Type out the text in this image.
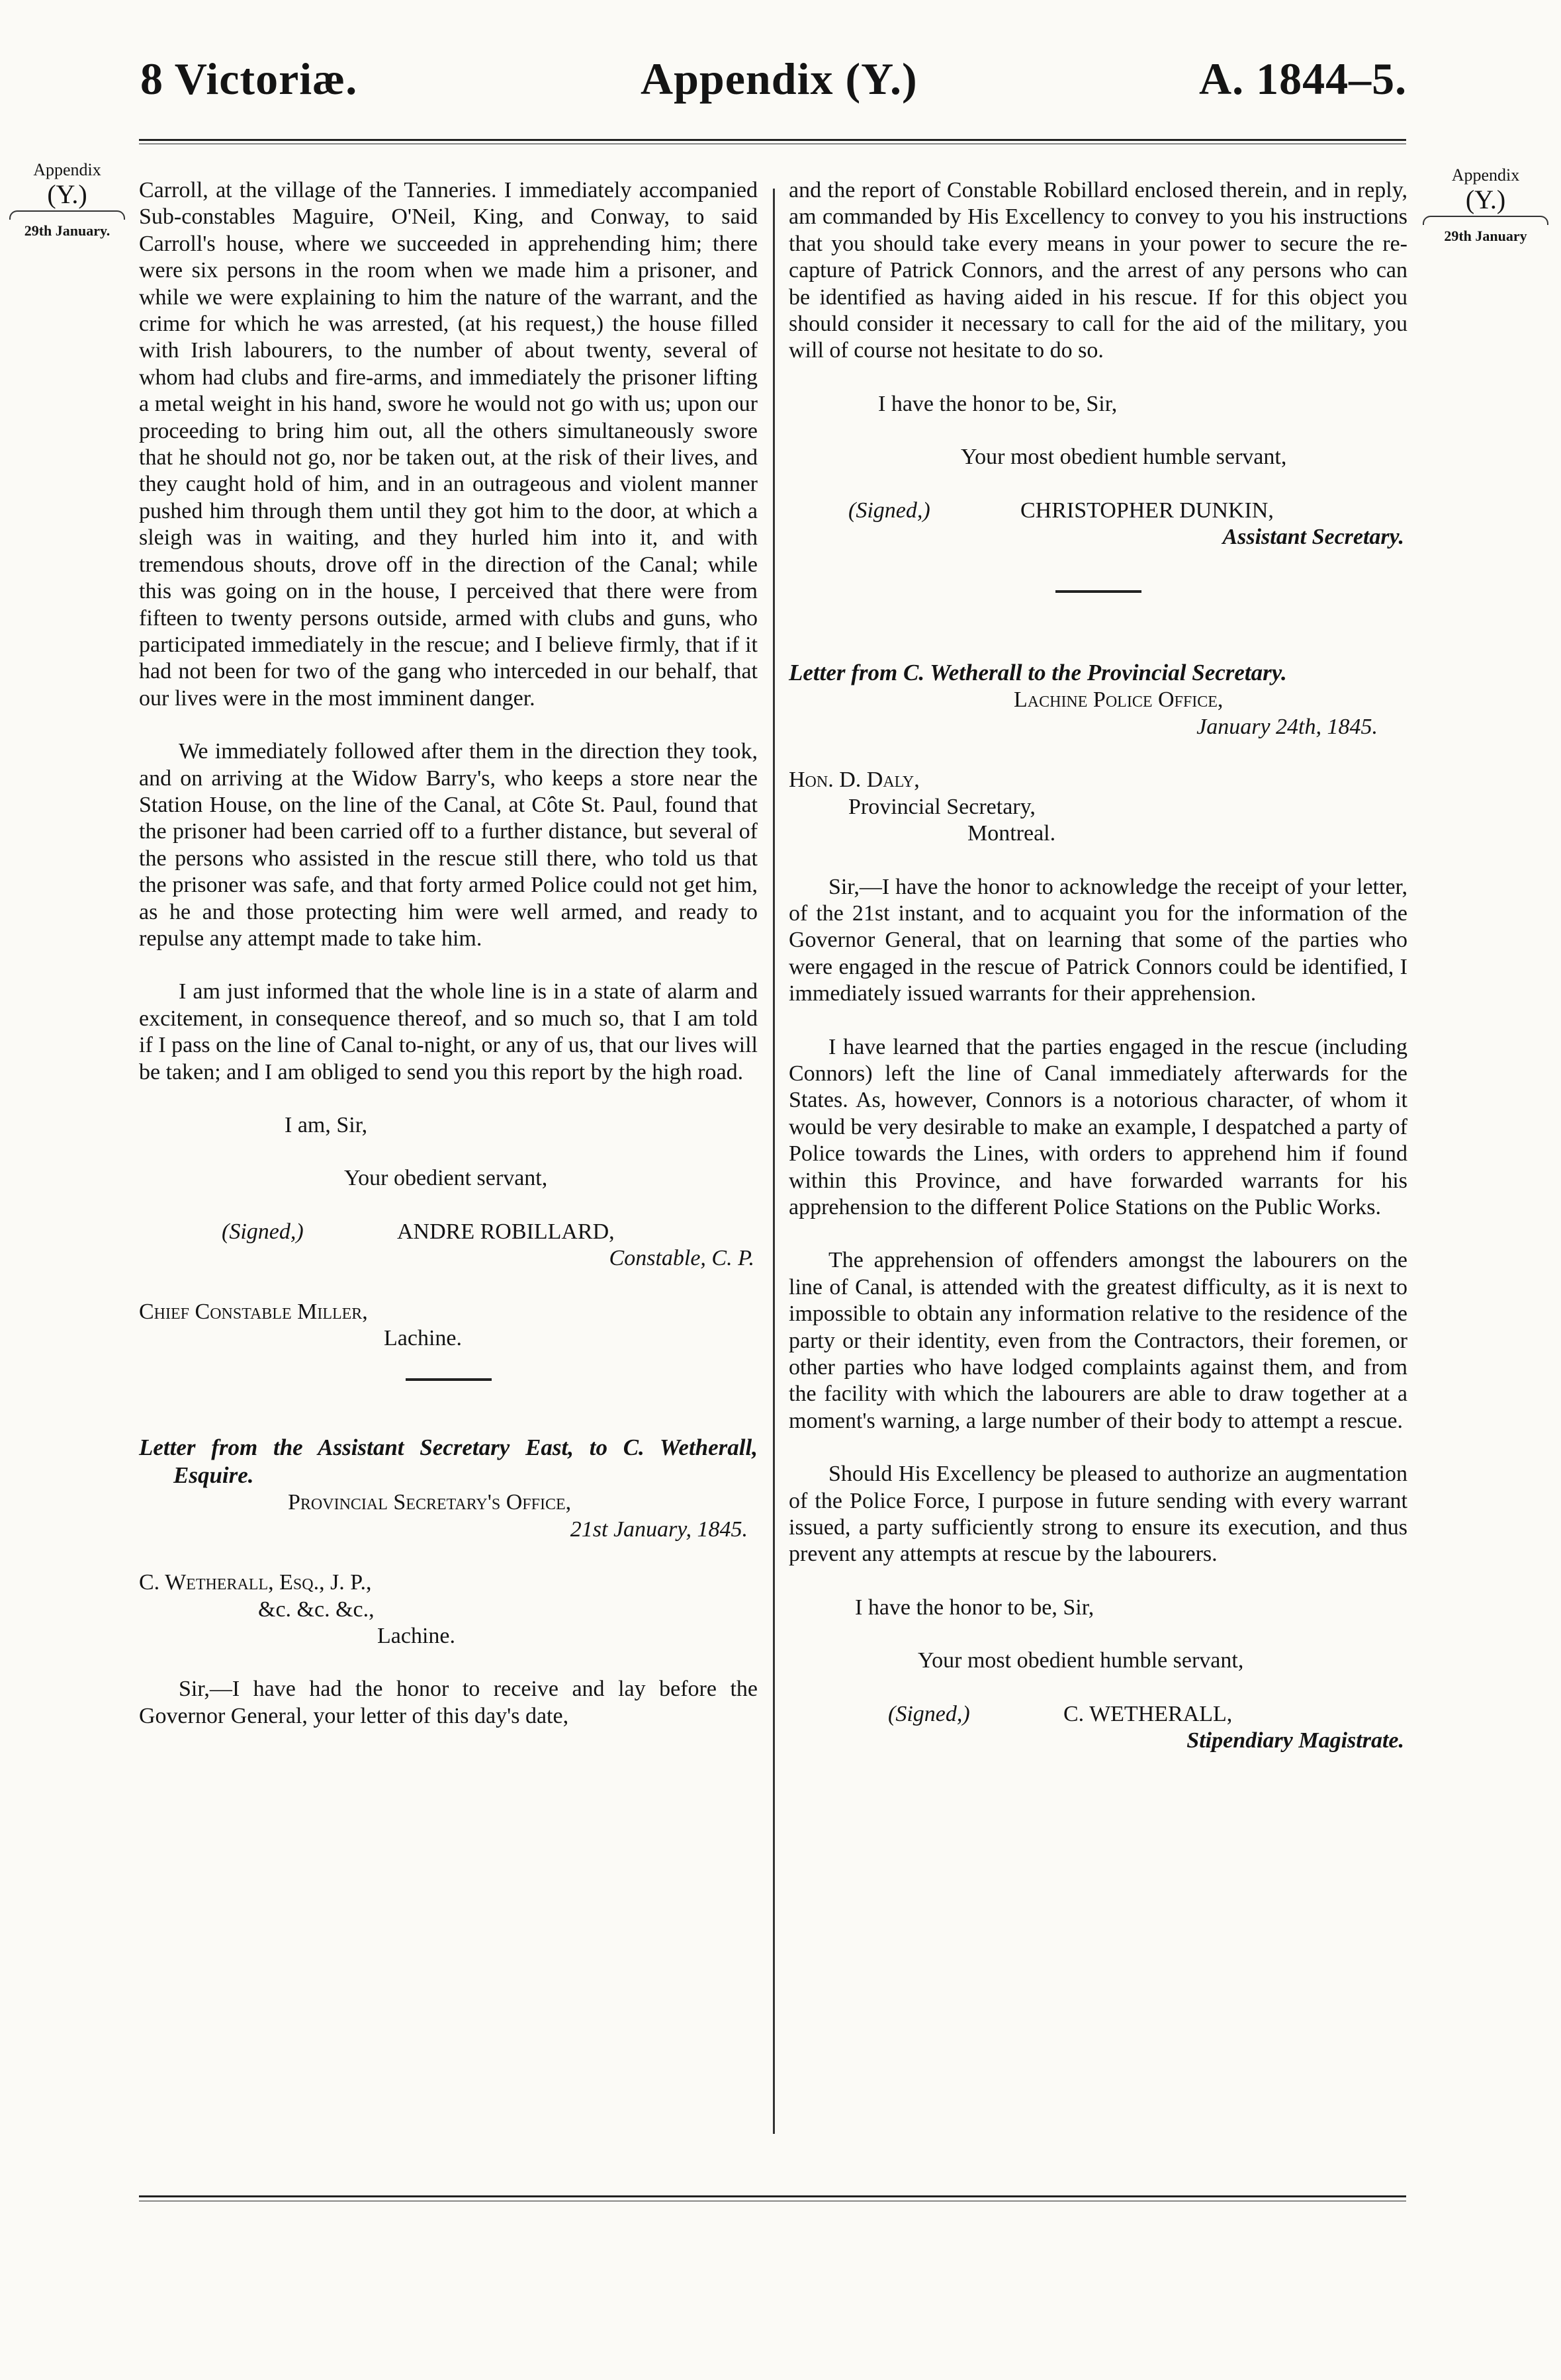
8 Victoriæ.	Appendix (Y.)	A. 1844–5.
Appendix
(Y.)
29th January.
Appendix
(Y.)
29th January

Carroll, at the village of the Tanneries. I immediately accompanied Sub-constables Maguire, O'Neil, King, and Conway, to said Carroll's house, where we succeeded in apprehending him; there were six persons in the room when we made him a prisoner, and while we were explaining to him the nature of the warrant, and the crime for which he was arrested, (at his request,) the house filled with Irish labourers, to the number of about twenty, several of whom had clubs and fire-arms, and immediately the prisoner lifting a metal weight in his hand, swore he would not go with us; upon our proceeding to bring him out, all the others simultaneously swore that he should not go, nor be taken out, at the risk of their lives, and they caught hold of him, and in an outrageous and violent manner pushed him through them until they got him to the door, at which a sleigh was in waiting, and they hurled him into it, and with tremendous shouts, drove off in the direction of the Canal; while this was going on in the house, I perceived that there were from fifteen to twenty persons outside, armed with clubs and guns, who participated immediately in the rescue; and I believe firmly, that if it had not been for two of the gang who interceded in our behalf, that our lives were in the most imminent danger.

We immediately followed after them in the direction they took, and on arriving at the Widow Barry's, who keeps a store near the Station House, on the line of the Canal, at Côte St. Paul, found that the prisoner had been carried off to a further distance, but several of the persons who assisted in the rescue still there, who told us that the prisoner was safe, and that forty armed Police could not get him, as he and those protecting him were well armed, and ready to repulse any attempt made to take him.

I am just informed that the whole line is in a state of alarm and excitement, in consequence thereof, and so much so, that I am told if I pass on the line of Canal to-night, or any of us, that our lives will be taken; and I am obliged to send you this report by the high road.

I am, Sir,

Your obedient servant,

(Signed,)	ANDRE ROBILLARD,

Constable, C. P.

Chief Constable Miller,

Lachine.

Letter from the Assistant Secretary East, to C. Wetherall, Esquire.

Provincial Secretary's Office,

21st January, 1845.

C. Wetherall, Esq., J. P.,

&c. &c. &c.,

Lachine.

Sir,—I have had the honor to receive and lay before the Governor General, your letter of this day's date,

and the report of Constable Robillard enclosed therein, and in reply, am commanded by His Excellency to convey to you his instructions that you should take every means in your power to secure the re-capture of Patrick Connors, and the arrest of any persons who can be identified as having aided in his rescue. If for this object you should consider it necessary to call for the aid of the military, you will of course not hesitate to do so.

I have the honor to be, Sir,

Your most obedient humble servant,

(Signed,)	CHRISTOPHER DUNKIN,

Assistant Secretary.

Letter from C. Wetherall to the Provincial Secretary.

Lachine Police Office,

January 24th, 1845.

Hon. D. Daly,

Provincial Secretary,

Montreal.

Sir,—I have the honor to acknowledge the receipt of your letter, of the 21st instant, and to acquaint you for the information of the Governor General, that on learning that some of the parties who were engaged in the rescue of Patrick Connors could be identified, I immediately issued warrants for their apprehension.

I have learned that the parties engaged in the rescue (including Connors) left the line of Canal immediately afterwards for the States. As, however, Connors is a notorious character, of whom it would be very desirable to make an example, I despatched a party of Police towards the Lines, with orders to apprehend him if found within this Province, and have forwarded warrants for his apprehension to the different Police Stations on the Public Works.

The apprehension of offenders amongst the labourers on the line of Canal, is attended with the greatest difficulty, as it is next to impossible to obtain any information relative to the residence of the party or their identity, even from the Contractors, their foremen, or other parties who have lodged complaints against them, and from the facility with which the labourers are able to draw together at a moment's warning, a large number of their body to attempt a rescue.

Should His Excellency be pleased to authorize an augmentation of the Police Force, I purpose in future sending with every warrant issued, a party sufficiently strong to ensure its execution, and thus prevent any attempts at rescue by the labourers.

I have the honor to be, Sir,

Your most obedient humble servant,

(Signed,)	C. WETHERALL,

Stipendiary Magistrate.
